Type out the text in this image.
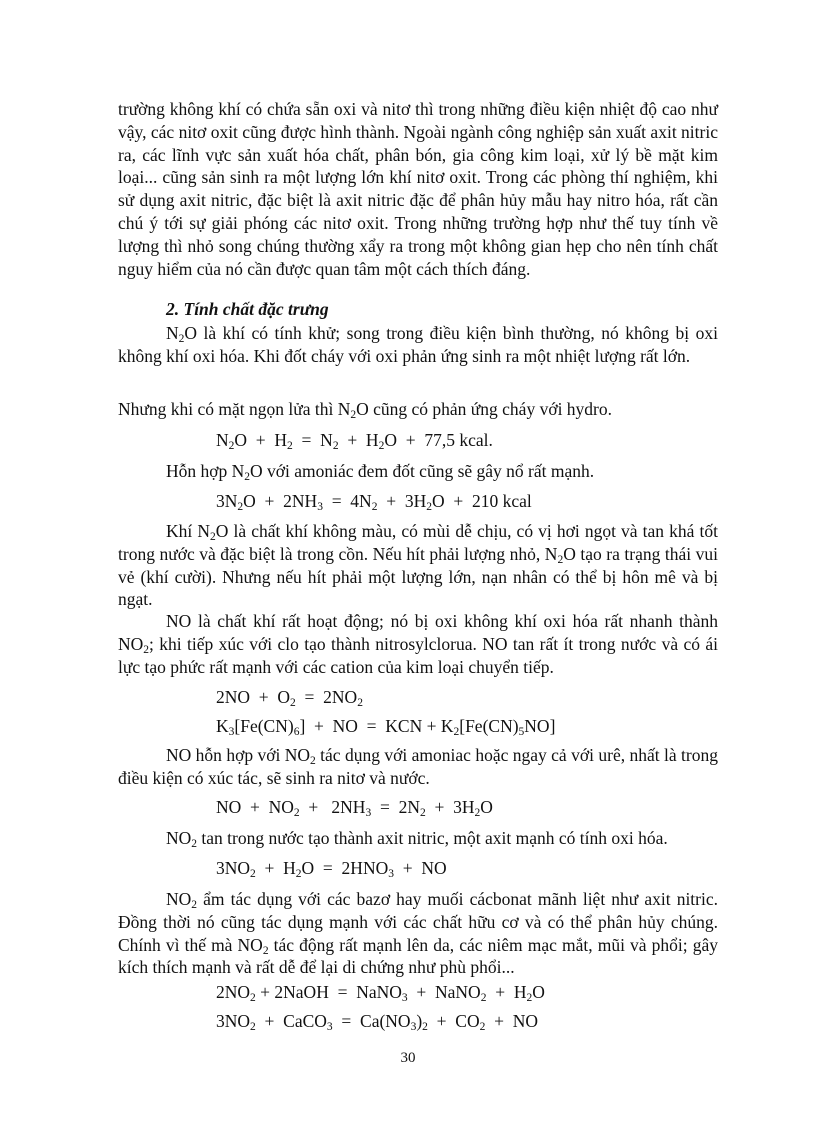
trường không khí có chứa sẵn oxi và nitơ thì trong những điều kiện nhiệt độ cao như vậy, các nitơ oxit cũng được hình thành. Ngoài ngành công nghiệp sản xuất axit nitric ra, các lĩnh vực sản xuất hóa chất, phân bón, gia công kim loại, xử lý bề mặt kim loại... cũng sản sinh ra một lượng lớn khí nitơ oxit. Trong các phòng thí nghiệm, khi sử dụng axit nitric, đặc biệt là axit nitric đặc để phân hủy mẫu hay nitro hóa, rất cần chú ý tới sự giải phóng các nitơ oxit. Trong những trường hợp như thế tuy tính về lượng thì nhỏ song chúng thường xẩy ra trong một không gian hẹp cho nên tính chất nguy hiểm của nó cần được quan tâm một cách thích đáng.

2. Tính chất đặc trưng

$N_2O$ là khí có tính khử; song trong điều kiện bình thường, nó không bị oxi không khí oxi hóa. Khi đốt cháy với oxi phản ứng sinh ra một nhiệt lượng rất lớn.

Nhưng khi có mặt ngọn lửa thì $N_2O$ cũng có phản ứng cháy với hydro.

$N_2O + H_2 = N_2 + H_2O + 77,5$ kcal.

Hỗn hợp $N_2O$ với amoniác đem đốt cũng sẽ gây nổ rất mạnh.

$3N_2O + 2NH_3 = 4N_2 + 3H_2O + 210$ kcal

Khí $N_2O$ là chất khí không màu, có mùi dễ chịu, có vị hơi ngọt và tan khá tốt trong nước và đặc biệt là trong cồn. Nếu hít phải lượng nhỏ, $N_2O$ tạo ra trạng thái vui vẻ (khí cười). Nhưng nếu hít phải một lượng lớn, nạn nhân có thể bị hôn mê và bị ngạt.

NO là chất khí rất hoạt động; nó bị oxi không khí oxi hóa rất nhanh thành $NO_2$; khi tiếp xúc với clo tạo thành nitrosylclorua. NO tan rất ít trong nước và có ái lực tạo phức rất mạnh với các cation của kim loại chuyển tiếp.

$2NO + O_2 = 2NO_2$

$K_3[Fe(CN)_6]$  +  NO  =  KCN + $K_2[Fe(CN)_5NO]$

NO hỗn hợp với $NO_2$ tác dụng với amoniac hoặc ngay cả với urê, nhất là trong điều kiện có xúc tác, sẽ sinh ra nitơ và nước.

NO  +  $NO_2 + 2NH_3 = 2N_2 + 3H_2O$

$NO_2$ tan trong nước tạo thành axit nitric, một axit mạnh có tính oxi hóa.

$3NO_2 + H_2O = 2HNO_3$  +  NO

$NO_2$ ẩm tác dụng với các bazơ hay muối cácbonat mãnh liệt như axit nitric. Đồng thời nó cũng tác dụng mạnh với các chất hữu cơ và có thể phân hủy chúng. Chính vì thế mà $NO_2$ tác động rất mạnh lên da, các niêm mạc mắt, mũi và phổi; gây kích thích mạnh và rất dễ để lại di chứng như phù phổi...

$2NO_2$ + 2NaOH  =  NaNO$_3$  +  NaNO$_2$  +  $H_2O$

$3NO_2$  +  CaCO$_3$  =  $Ca(NO_3)_2 + CO_2$  +  NO

30
